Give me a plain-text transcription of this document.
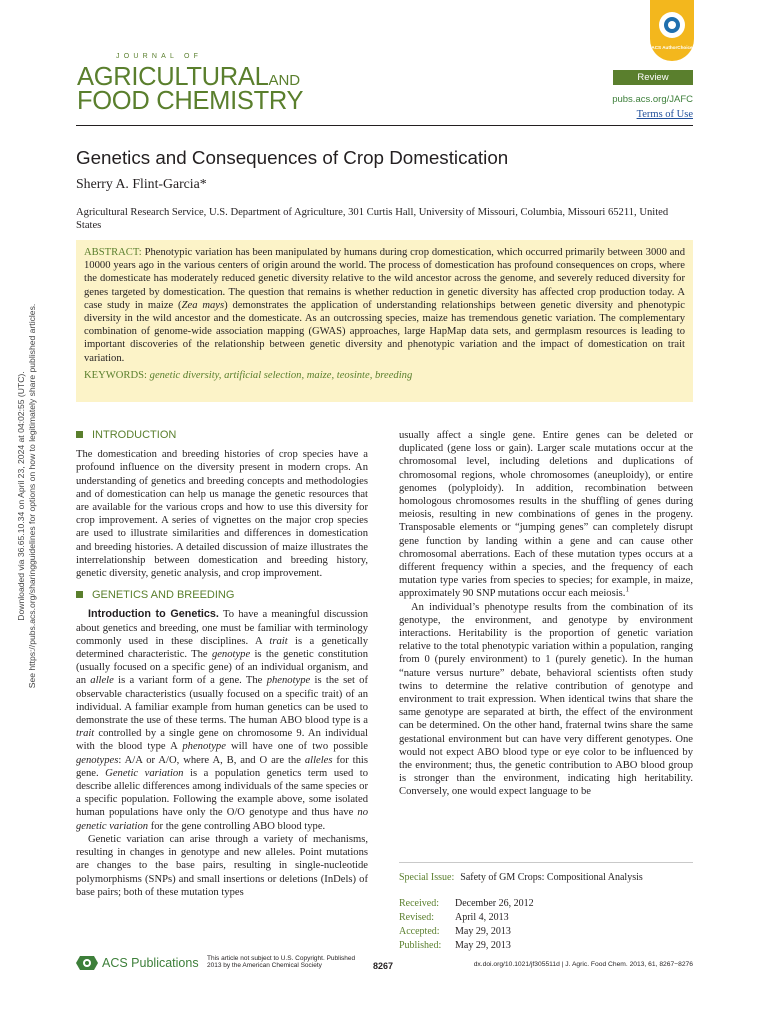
Downloaded via 36.65.10.34 on April 23, 2024 at 04:02:55 (UTC). See https://pubs.acs.org/sharingguidelines for options on how to legitimately share published articles.
JOURNAL OF
AGRICULTURALAND
FOOD CHEMISTRY
ACS AuthorChoice
Review
pubs.acs.org/JAFC
Terms of Use
Genetics and Consequences of Crop Domestication
Sherry A. Flint-Garcia*
Agricultural Research Service, U.S. Department of Agriculture, 301 Curtis Hall, University of Missouri, Columbia, Missouri 65211, United States
ABSTRACT: Phenotypic variation has been manipulated by humans during crop domestication, which occurred primarily between 3000 and 10000 years ago in the various centers of origin around the world. The process of domestication has profound consequences on crops, where the domesticate has moderately reduced genetic diversity relative to the wild ancestor across the genome, and severely reduced diversity for genes targeted by domestication. The question that remains is whether reduction in genetic diversity has affected crop production today. A case study in maize (Zea mays) demonstrates the application of understanding relationships between genetic diversity and phenotypic diversity in the wild ancestor and the domesticate. As an outcrossing species, maize has tremendous genetic variation. The complementary combination of genome-wide association mapping (GWAS) approaches, large HapMap data sets, and germplasm resources is leading to important discoveries of the relationship between genetic diversity and phenotypic variation and the impact of domestication on trait variation.
KEYWORDS: genetic diversity, artificial selection, maize, teosinte, breeding
INTRODUCTION

The domestication and breeding histories of crop species have a profound influence on the diversity present in modern crops. An understanding of genetics and breeding concepts and methodologies and of domestication can help us manage the genetic resources that are available for the various crops and how to use this diversity for crop improvement. A series of vignettes on the major crop species are used to illustrate similarities and differences in domestication and breeding histories. A detailed discussion of maize illustrates the interrelationship between domestication and breeding history, genetic diversity, genetic analysis, and crop improvement.

GENETICS AND BREEDING

Introduction to Genetics. To have a meaningful discussion about genetics and breeding, one must be familiar with terminology commonly used in these disciplines. A trait is a genetically determined characteristic. The genotype is the genetic constitution (usually focused on a specific gene) of an individual organism, and an allele is a variant form of a gene. The phenotype is the set of observable characteristics (usually focused on a specific trait) of an individual. A familiar example from human genetics can be used to demonstrate the use of these terms. The human ABO blood type is a trait controlled by a single gene on chromosome 9. An individual with the blood type A phenotype will have one of two possible genotypes: A/A or A/O, where A, B, and O are the alleles for this gene. Genetic variation is a population genetics term used to describe allelic differences among individuals of the same species or a specific population. Following the example above, some isolated human populations have only the O/O genotype and thus have no genetic variation for the gene controlling ABO blood type.

Genetic variation can arise through a variety of mechanisms, resulting in changes in genotype and new alleles. Point mutations are changes to the base pairs, resulting in single-nucleotide polymorphisms (SNPs) and small insertions or deletions (InDels) of base pairs; both of these mutation types

usually affect a single gene. Entire genes can be deleted or duplicated (gene loss or gain). Larger scale mutations occur at the chromosomal level, including deletions and duplications of chromosomal regions, whole chromosomes (aneuploidy), or entire genomes (polyploidy). In addition, recombination between homologous chromosomes results in the shuffling of genes during meiosis, resulting in new combinations of genes in the progeny. Transposable elements or “jumping genes” can completely disrupt gene function by landing within a gene and can cause other chromosomal aberrations. Each of these mutation types occurs at a different frequency within a species, and the frequency of each mutation type varies from species to species; for example, in maize, approximately 90 SNP mutations occur each meiosis.$^1$

An individual’s phenotype results from the combination of its genotype, the environment, and genotype by environment interactions. Heritability is the proportion of genetic variation relative to the total phenotypic variation within a population, ranging from 0 (purely environment) to 1 (purely genetic). In the human “nature versus nurture” debate, behavioral scientists often study twins to determine the relative contribution of genotype and environment to trait expression. When identical twins that share the same genotype are separated at birth, the effect of the environment can be determined. On the other hand, fraternal twins share the same gestational environment but can have very different genotypes. One would not expect ABO blood type or eye color to be influenced by the environment; thus, the genetic contribution to ABO blood group is stronger than the environment, indicating high heritability. Conversely, one would expect language to be

Special Issue: Safety of GM Crops: Compositional Analysis
Received: December 26, 2012
Revised: April 4, 2013
Accepted: May 29, 2013
Published: May 29, 2013
ACS Publications This article not subject to U.S. Copyright. Published 2013 by the American Chemical Society	8267	dx.doi.org/10.1021/jf305511d | J. Agric. Food Chem. 2013, 61, 8267−8276
